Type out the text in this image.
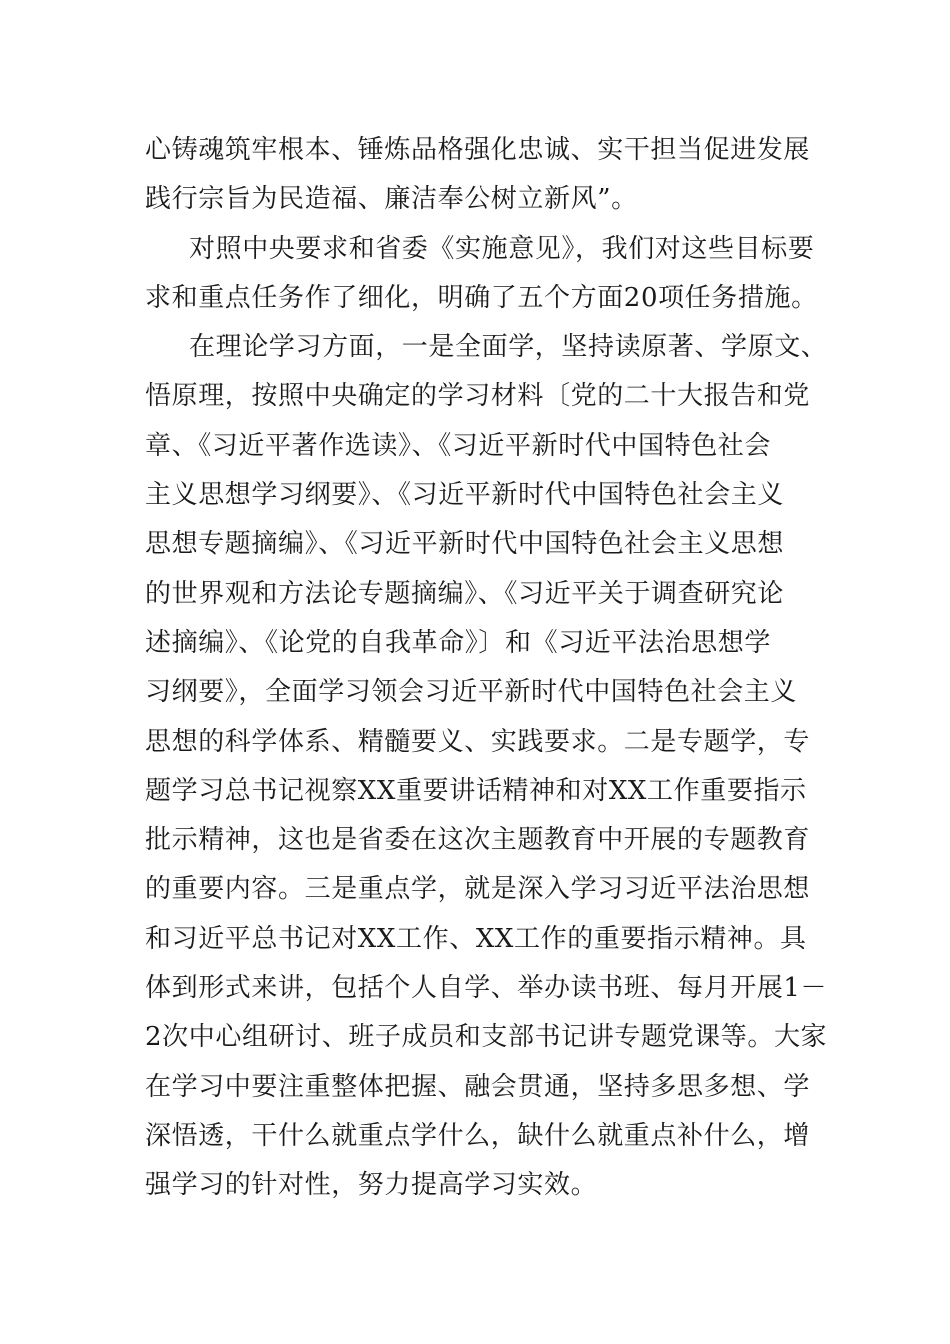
心铸魂筑牢根本、锤炼品格强化忠诚、实干担当促进发展
践行宗旨为民造福、廉洁奉公树立新风”。
对照中央要求和省委《实施意见》，我们对这些目标要
求和重点任务作了细化，明确了五个方面20项任务措施。
在理论学习方面，一是全面学，坚持读原著、学原文、
悟原理，按照中央确定的学习材料〔党的二十大报告和党
章、《习近平著作选读》、《习近平新时代中国特色社会
主义思想学习纲要》、《习近平新时代中国特色社会主义
思想专题摘编》、《习近平新时代中国特色社会主义思想
的世界观和方法论专题摘编》、《习近平关于调查研究论
述摘编》、《论党的自我革命》〕和《习近平法治思想学
习纲要》，全面学习领会习近平新时代中国特色社会主义
思想的科学体系、精髓要义、实践要求。二是专题学，专
题学习总书记视察XX重要讲话精神和对XX工作重要指示
批示精神，这也是省委在这次主题教育中开展的专题教育
的重要内容。三是重点学，就是深入学习习近平法治思想
和习近平总书记对XX工作、XX工作的重要指示精神。具
体到形式来讲，包括个人自学、举办读书班、每月开展1－
2次中心组研讨、班子成员和支部书记讲专题党课等。大家
在学习中要注重整体把握、融会贯通，坚持多思多想、学
深悟透，干什么就重点学什么，缺什么就重点补什么，增
强学习的针对性，努力提高学习实效。
